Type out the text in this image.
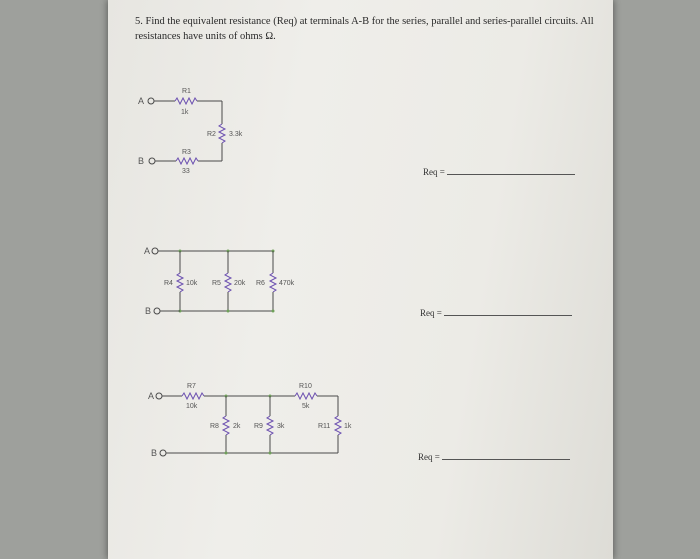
5. Find the equivalent resistance (Req) at terminals A-B for the series, parallel and series-parallel circuits. All resistances have units of ohms Ω.
A
R1
1k
R2 3.3k
R3
33
B
A
R4 10k R5 20k R6 470k
B
A
R7
10k
R10
5k
R8 2k R9 3k	R11 1k
B
Req =
Req =
Req =
